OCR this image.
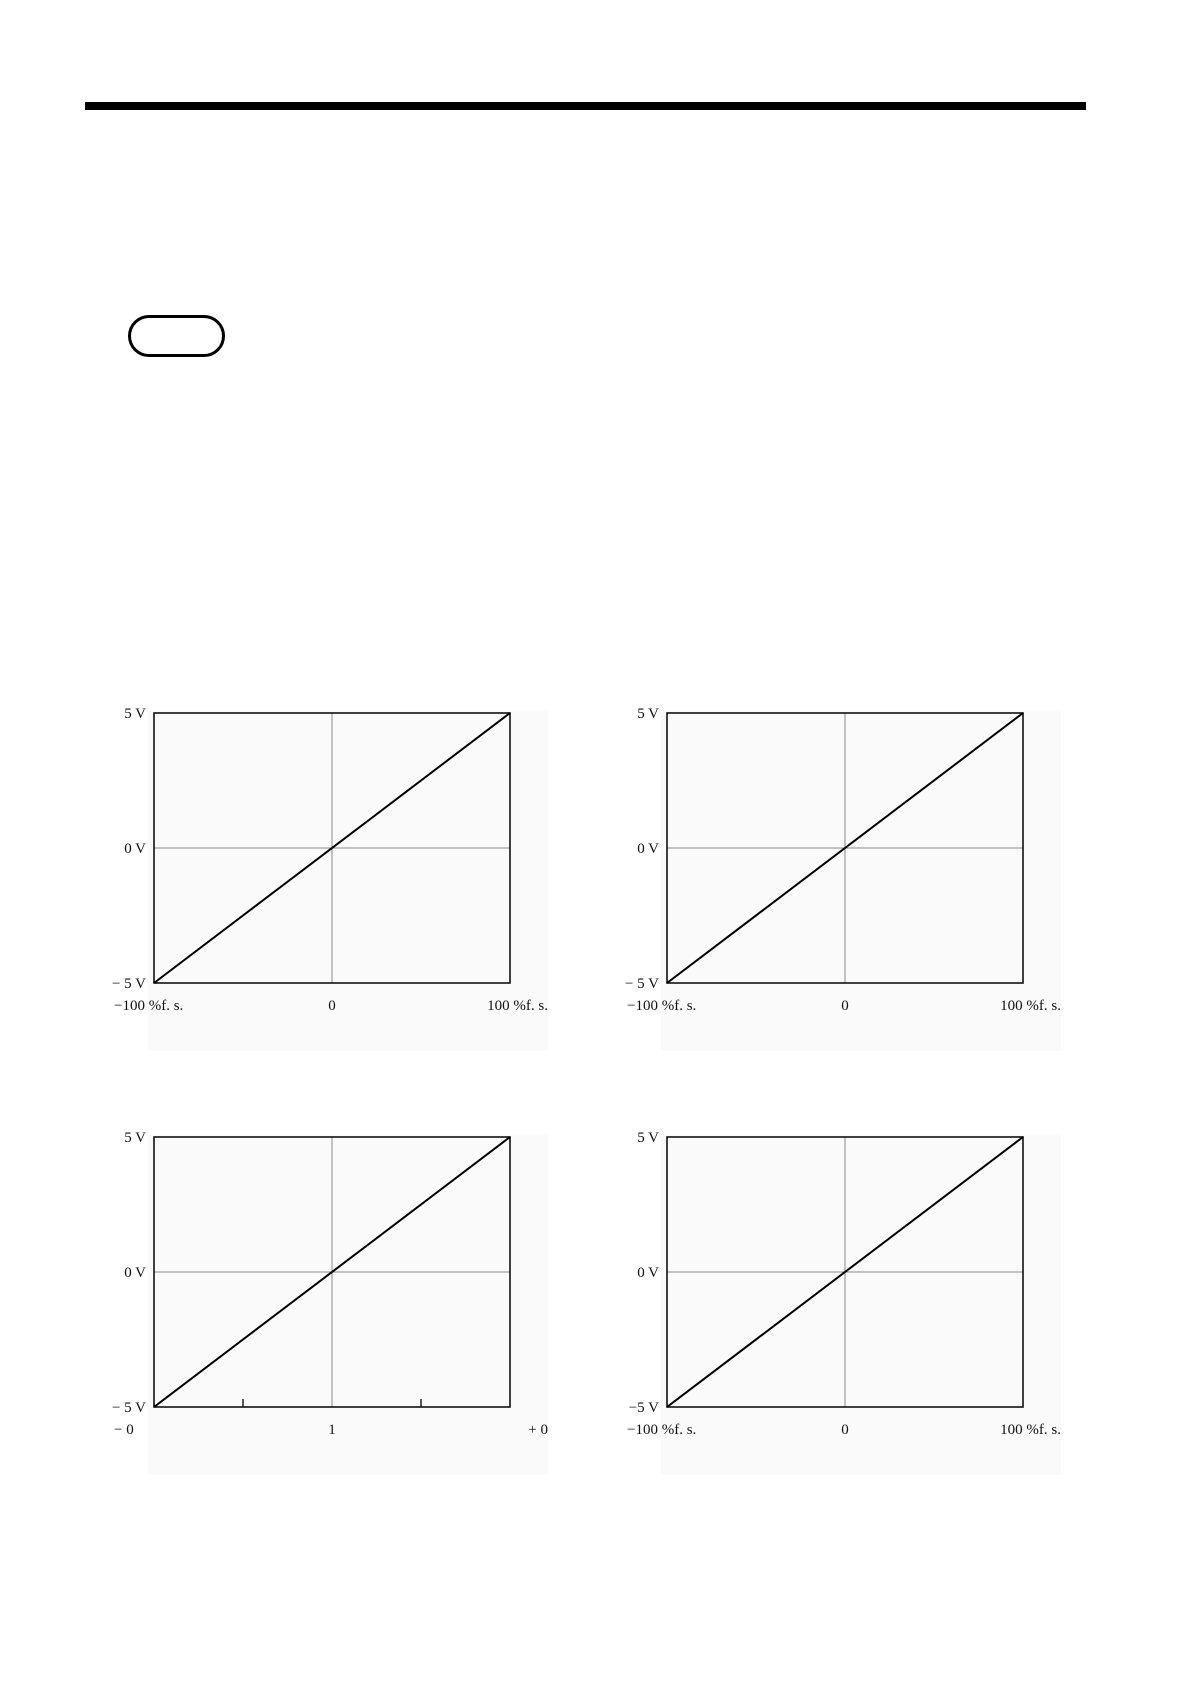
5 V
0 V
− 5 V
−100 %f. s.	0	100 %f. s.
5 V
0 V
− 5 V
−100 %f. s.	0	100 %f. s.
5 V
0 V
− 5 V
− 0	1	+ 0
5 V
0 V
−5 V
−100 %f. s.	0	100 %f. s.
